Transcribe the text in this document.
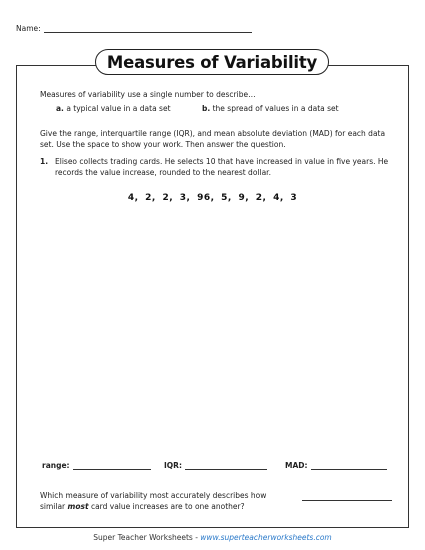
Name:
Measures of Variability
Measures of variability use a single number to describe…
a. a typical value in a data set	b. the spread of values in a data set
Give the range, interquartile range (IQR), and mean absolute deviation (MAD) for each data set. Use the space to show your work. Then answer the question.
1. Eliseo collects trading cards. He selects 10 that have increased in value in five years. He records the value increase, rounded to the nearest dollar.
4, 2, 2, 3, 96, 5, 9, 2, 4, 3
range:	IQR:	MAD:
Which measure of variability most accurately describes how similar most card value increases are to one another?
Super Teacher Worksheets - www.superteacherworksheets.com
